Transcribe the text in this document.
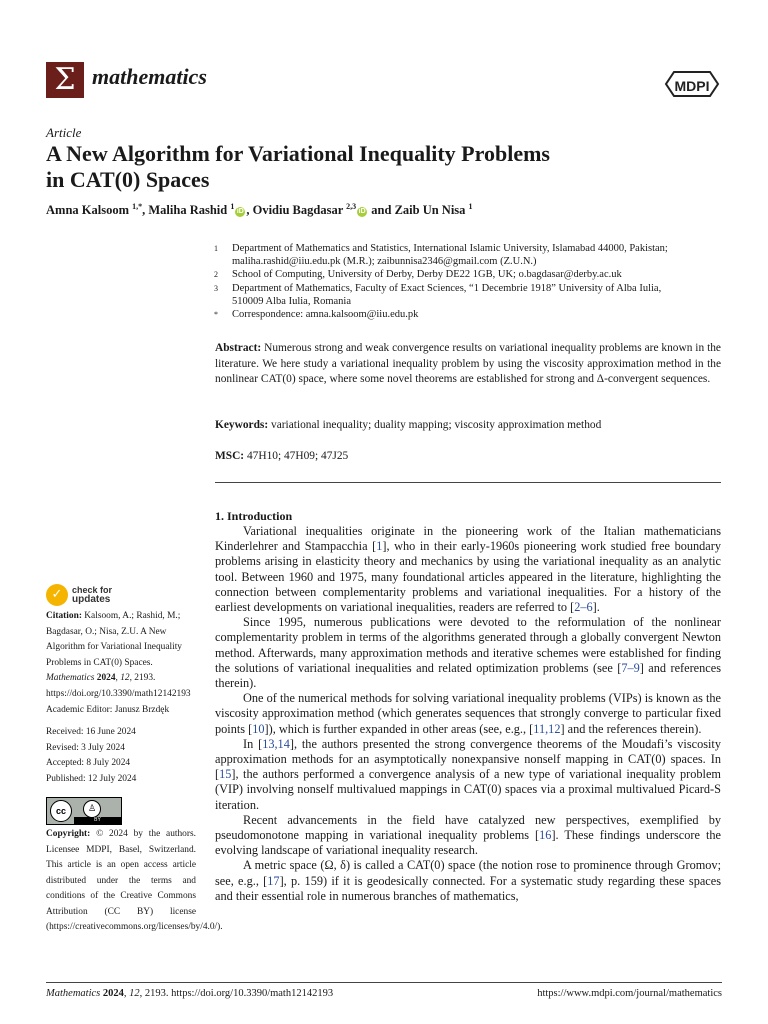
Σ mathematics	MDPI
Article
A New Algorithm for Variational Inequality Problems
in CAT(0) Spaces
Amna Kalsoom $^{1,*}$, Maliha Rashid $^1$iD , Ovidiu Bagdasar $^{2,3}$iD and Zaib Un Nisa $^1$
1	Department of Mathematics and Statistics, International Islamic University, Islamabad 44000, Pakistan;
maliha.rashid@iiu.edu.pk (M.R.); zaibunnisa2346@gmail.com (Z.U.N.)
2	School of Computing, University of Derby, Derby DE22 1GB, UK; o.bagdasar@derby.ac.uk
3	Department of Mathematics, Faculty of Exact Sciences, “1 Decembrie 1918” University of Alba Iulia,
510009 Alba Iulia, Romania
*	Correspondence: amna.kalsoom@iiu.edu.pk
Abstract: Numerous strong and weak convergence results on variational inequality problems are known in the literature. We here study a variational inequality problem by using the viscosity approximation method in the nonlinear CAT(0) space, where some novel theorems are established for strong and Δ-convergent sequences.
Keywords: variational inequality; duality mapping; viscosity approximation method
MSC: 47H10; 47H09; 47J25
1. Introduction

Variational inequalities originate in the pioneering work of the Italian mathematicians Kinderlehrer and Stampacchia [1], who in their early-1960s pioneering work studied free boundary problems arising in elasticity theory and mechanics by using the variational inequality as an analytic tool. Between 1960 and 1975, many foundational articles appeared in the literature, highlighting the connection between complementarity problems and variational inequalities. For a history of the earliest developments on variational inequalities, readers are referred to [2–6].

Since 1995, numerous publications were devoted to the reformulation of the nonlinear complementarity problem in terms of the algorithms generated through a globally convergent Newton method. Afterwards, many approximation methods and iterative schemes were established for finding the solutions of variational inequalities and related optimization problems (see [7–9] and references therein).

One of the numerical methods for solving variational inequality problems (VIPs) is known as the viscosity approximation method (which generates sequences that strongly converge to particular fixed points [10]), which is further expanded in other areas (see, e.g., [11,12] and the references therein).

In [13,14], the authors presented the strong convergence theorems of the Moudafi’s viscosity approximation methods for an asymptotically nonexpansive nonself mapping in CAT(0) spaces. In [15], the authors performed a convergence analysis of a new type of variational inequality problem (VIP) involving nonself multivalued mappings in CAT(0) spaces via a proximal multivalued Picard-S iteration.

Recent advancements in the field have catalyzed new perspectives, exemplified by pseudomonotone mapping in variational inequality problems [16]. These findings underscore the evolving landscape of variational inequality research.

A metric space (Ω, δ) is called a CAT(0) space (the notion rose to prominence through Gromov; see, e.g., [17], p. 159) if it is geodesically connected. For a systematic study regarding these spaces and their essential role in numerous branches of mathematics,

✓	check for
updates
Citation: Kalsoom, A.; Rashid, M.; Bagdasar, O.; Nisa, Z.U. A New Algorithm for Variational Inequality Problems in CAT(0) Spaces. Mathematics 2024, 12, 2193. https://doi.org/10.3390/math12142193
Academic Editor: Janusz Brzdęk
Received: 16 June 2024
Revised: 3 July 2024
Accepted: 8 July 2024
Published: 12 July 2024
cc	♙
BY
Copyright: © 2024 by the authors. Licensee MDPI, Basel, Switzerland. This article is an open access article distributed under the terms and conditions of the Creative Commons Attribution (CC BY) license (https://creativecommons.org/licenses/by/4.0/).
Mathematics 2024, 12, 2193. https://doi.org/10.3390/math12142193	https://www.mdpi.com/journal/mathematics
